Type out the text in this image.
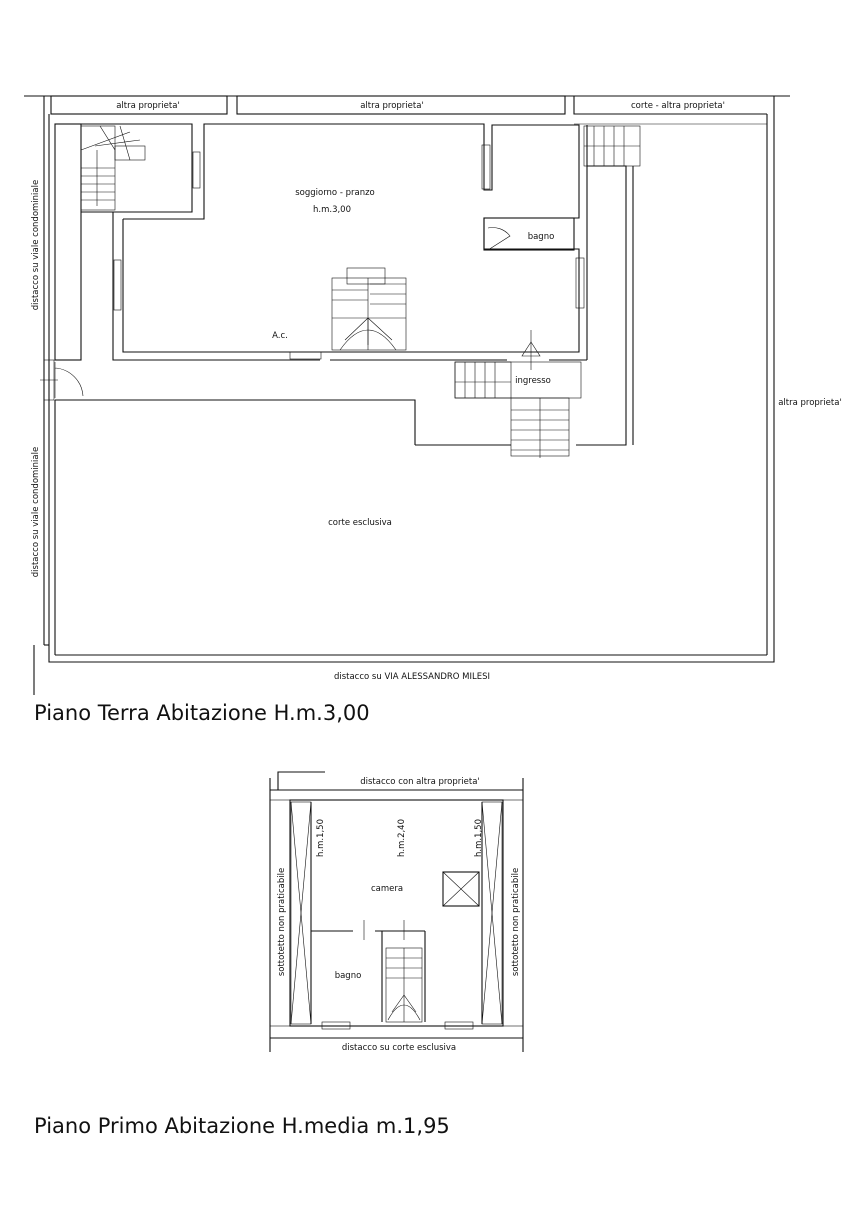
altra proprieta'	altra proprieta'	corte - altra proprieta'
altra proprieta'
distacco su viale condominiale
distacco su viale condominiale
soggiorno - pranzo
h.m.3,00
bagno
A.c.
ingresso
corte esclusiva
distacco su VIA ALESSANDRO MILESI
Piano Terra Abitazione H.m.3,00
distacco con altra proprieta'
h.m.1,50	h.m.2,40	h.m.1,50
sottotetto non praticabile	sottotetto non praticabile
camera
bagno
distacco su corte esclusiva
Piano Primo Abitazione H.media m.1,95
